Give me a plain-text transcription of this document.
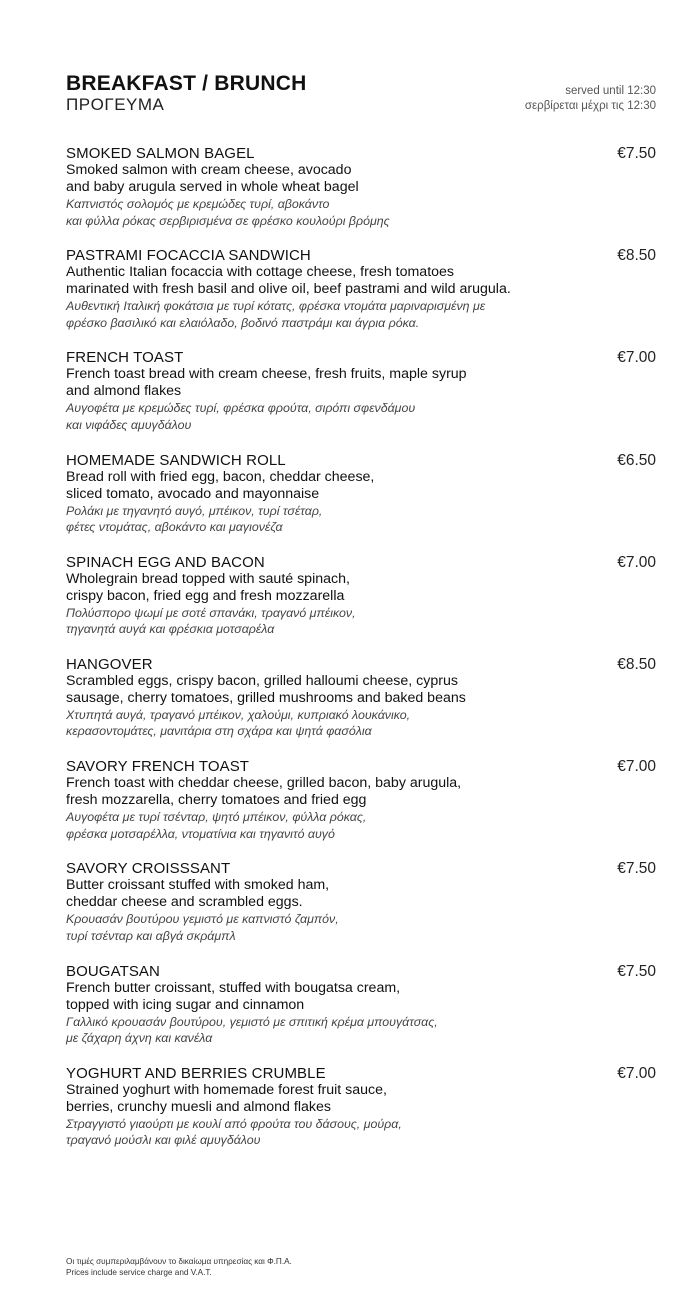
BREAKFAST / BRUNCH
ΠΡΟΓΕΥΜΑ
served until 12:30
σερβίρεται μέχρι τις 12:30
SMOKED SALMON BAGEL	€7.50
Smoked salmon with cream cheese, avocado
and baby arugula served in whole wheat bagel
Καπνιστός σολομός με κρεμώδες τυρί, αβοκάντο
και φύλλα ρόκας σερβιρισμένα σε φρέσκο κουλούρι βρόμης
PASTRAMI FOCACCIA SANDWICH	€8.50
Authentic Italian focaccia with cottage cheese, fresh tomatoes
marinated with fresh basil and olive oil, beef pastrami and wild arugula.
Αυθεντική Ιταλική φοκάτσια με τυρί κότατς, φρέσκα ντομάτα μαριναρισμένη με
φρέσκο βασιλικό και ελαιόλαδο, βοδινό παστράμι και άγρια ρόκα.
FRENCH TOAST	€7.00
French toast bread with cream cheese, fresh fruits, maple syrup
and almond flakes
Αυγοφέτα με κρεμώδες τυρί, φρέσκα φρούτα, σιρόπι σφενδάμου
και νιφάδες αμυγδάλου
HOMEMADE SANDWICH ROLL	€6.50
Bread roll with fried egg, bacon, cheddar cheese,
sliced tomato, avocado and mayonnaise
Ρολάκι με τηγανητό αυγό, μπέικον, τυρί τσέταρ,
φέτες ντομάτας, αβοκάντο και μαγιονέζα
SPINACH EGG AND BACON	€7.00
Wholegrain bread topped with sauté spinach,
crispy bacon, fried egg and fresh mozzarella
Πολύσπορο ψωμί με σοτέ σπανάκι, τραγανό μπέικον,
τηγανητά αυγά και φρέσκια μοτσαρέλα
HANGOVER	€8.50
Scrambled eggs, crispy bacon, grilled halloumi cheese, cyprus
sausage, cherry tomatoes, grilled mushrooms and baked beans
Χτυπητά αυγά, τραγανό μπέικον, χαλούμι, κυπριακό λουκάνικο,
κερασοντομάτες, μανιτάρια στη σχάρα και ψητά φασόλια
SAVORY FRENCH TOAST	€7.00
French toast with cheddar cheese, grilled bacon, baby arugula,
fresh mozzarella, cherry tomatoes and fried egg
Αυγοφέτα με τυρί τσένταρ, ψητό μπέικον, φύλλα ρόκας,
φρέσκα μοτσαρέλλα, ντοματίνια και τηγανιτό αυγό
SAVORY CROISSSANT	€7.50
Butter croissant stuffed with smoked ham,
cheddar cheese and scrambled eggs.
Κρουασάν βουτύρου γεμιστό με καπνιστό ζαμπόν,
τυρί τσένταρ και αβγά σκράμπλ
BOUGATSAN	€7.50
French butter croissant, stuffed with bougatsa cream,
topped with icing sugar and cinnamon
Γαλλικό κρουασάν βουτύρου, γεμιστό με σπιτική κρέμα μπουγάτσας,
με ζάχαρη άχνη και κανέλα
YOGHURT AND BERRIES CRUMBLE	€7.00
Strained yoghurt with homemade forest fruit sauce,
berries, crunchy muesli and almond flakes
Στραγγιστό γιαούρτι με κουλί από φρούτα του δάσους, μούρα,
τραγανό μούσλι και φιλέ αμυγδάλου
Οι τιμές συμπεριλαμβάνουν το δικαίωμα υπηρεσίας και Φ.Π.Α.
Prices include service charge and V.A.T.
